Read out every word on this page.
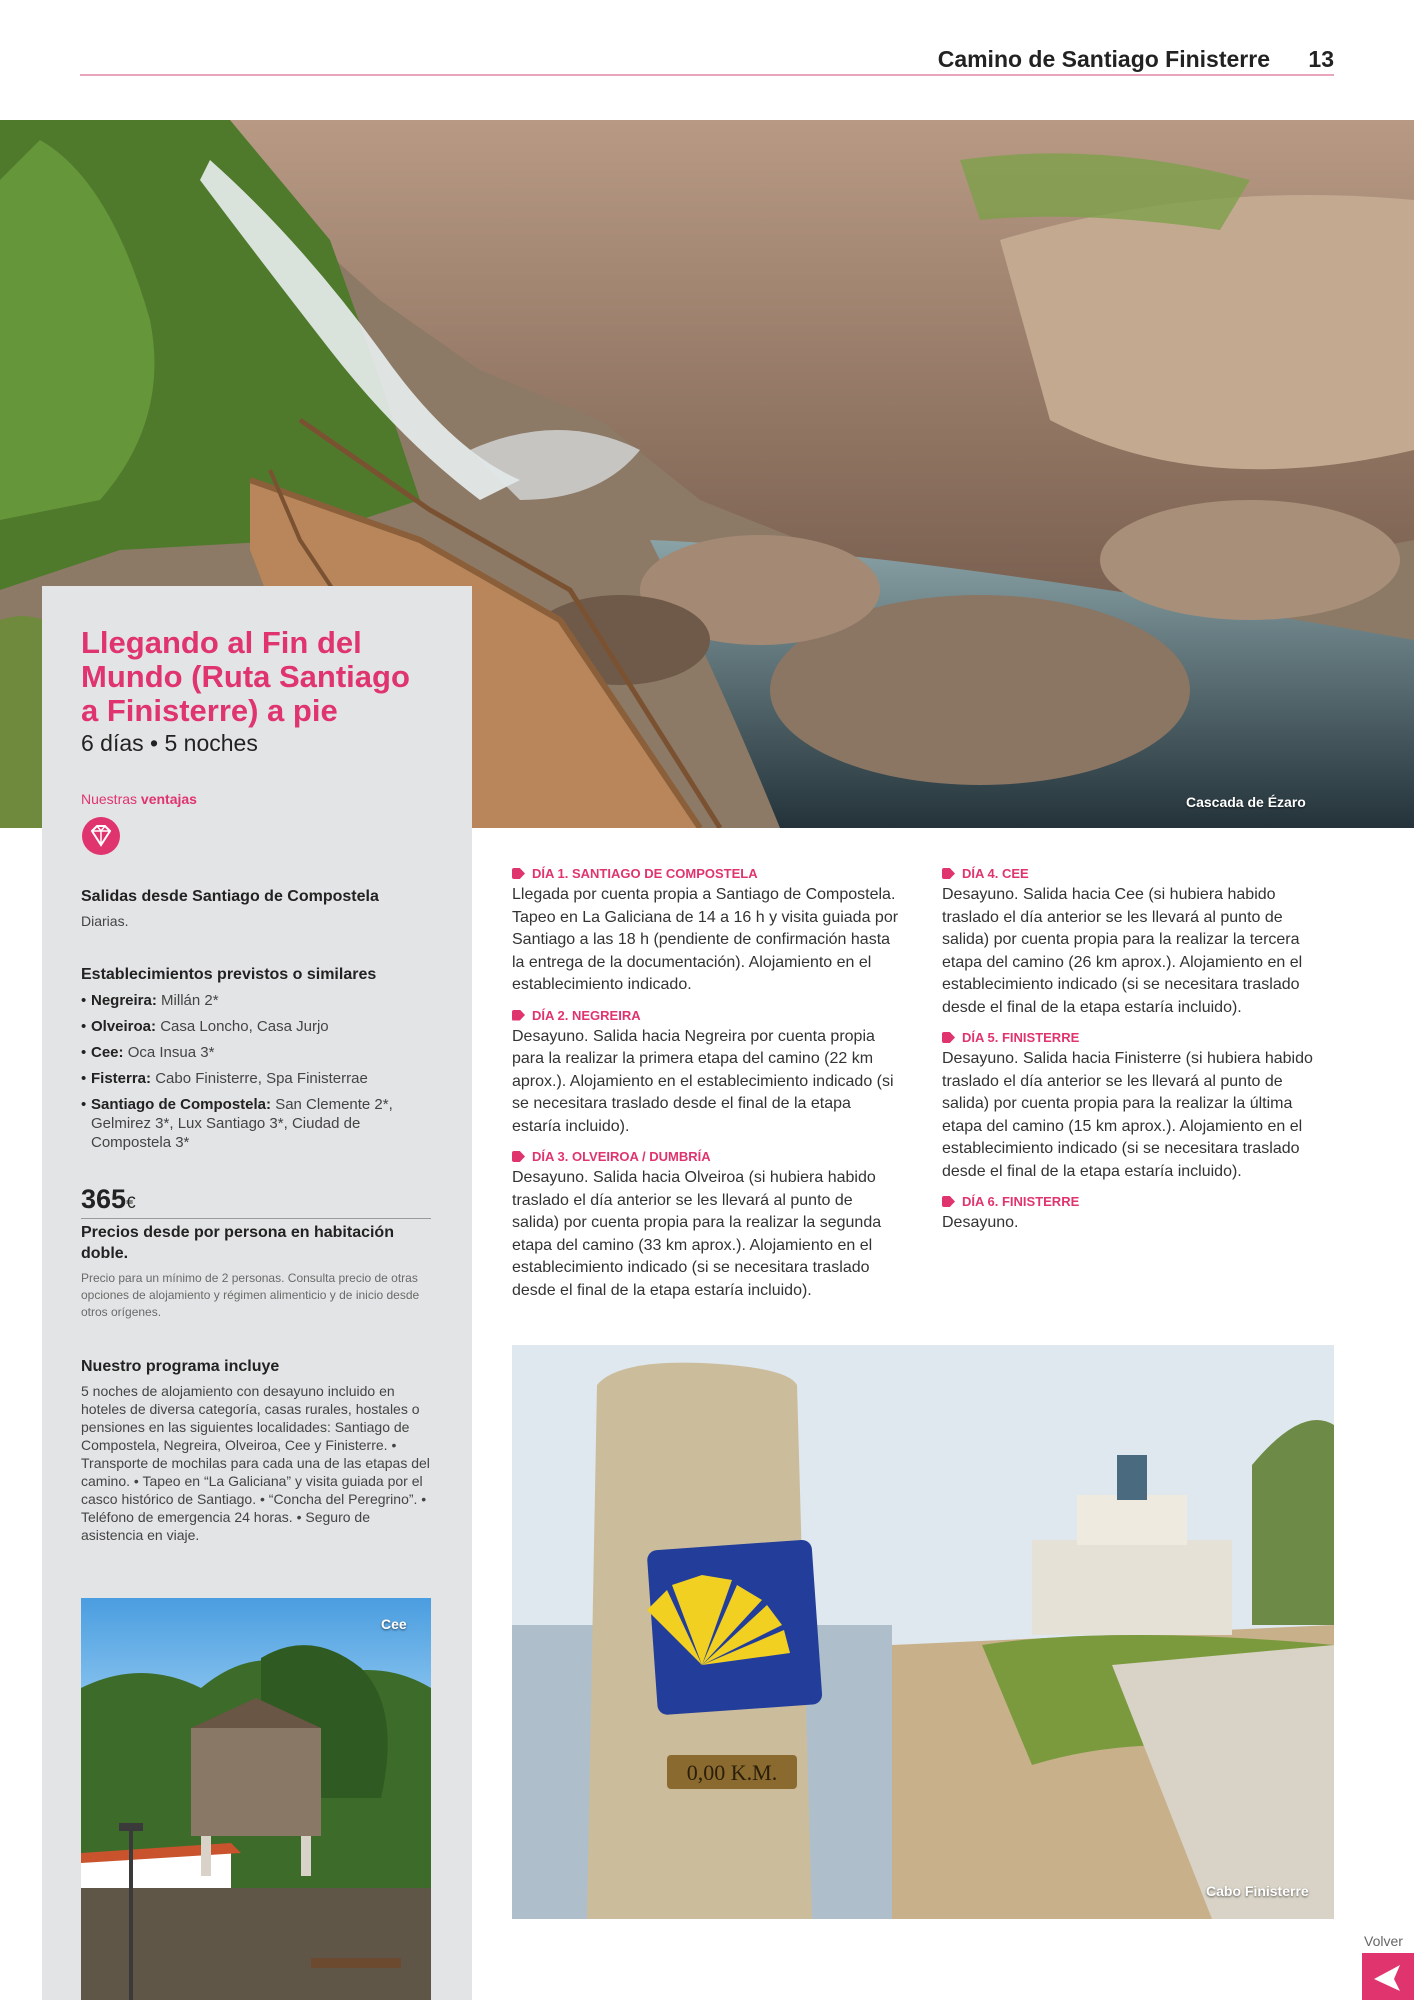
Camino de Santiago Finisterre 13
Cascada de Ézaro
Llegando al Fin del Mundo (Ruta Santiago a Finisterre) a pie
6 días • 5 noches
Nuestras ventajas
Salidas desde Santiago de Compostela
Diarias.
Establecimientos previstos o similares
• Negreira: Millán 2*
• Olveiroa: Casa Loncho, Casa Jurjo
• Cee: Oca Insua 3*
• Fisterra: Cabo Finisterre, Spa Finisterrae
• Santiago de Compostela: San Clemente 2*, Gelmirez 3*, Lux Santiago 3*, Ciudad de Compostela 3*
365€
Precios desde por persona en habitación doble.
Precio para un mínimo de 2 personas. Consulta precio de otras opciones de alojamiento y régimen alimenticio y de inicio desde otros orígenes.
Nuestro programa incluye
5 noches de alojamiento con desayuno incluido en hoteles de diversa categoría, casas rurales, hostales o pensiones en las siguientes localidades: Santiago de Compostela, Negreira, Olveiroa, Cee y Finisterre. • Transporte de mochilas para cada una de las etapas del camino. • Tapeo en “La Galiciana” y visita guiada por el casco histórico de Santiago. • “Concha del Peregrino”. • Teléfono de emergencia 24 horas. • Seguro de asistencia en viaje.
Cee
DÍA 1. SANTIAGO DE COMPOSTELA
Llegada por cuenta propia a Santiago de Compostela. Tapeo en La Galiciana de 14 a 16 h y visita guiada por Santiago a las 18 h (pendiente de confirmación hasta la entrega de la documentación). Alojamiento en el establecimiento indicado.
DÍA 2. NEGREIRA
Desayuno. Salida hacia Negreira por cuenta propia para la realizar la primera etapa del camino (22 km aprox.). Alojamiento en el establecimiento indicado (si se necesitara traslado desde el final de la etapa estaría incluido).
DÍA 3. OLVEIROA / DUMBRÍA
Desayuno. Salida hacia Olveiroa (si hubiera habido traslado el día anterior se les llevará al punto de salida) por cuenta propia para la realizar la segunda etapa del camino (33 km aprox.). Alojamiento en el establecimiento indicado (si se necesitara traslado desde el final de la etapa estaría incluido).
DÍA 4. CEE
Desayuno. Salida hacia Cee (si hubiera habido traslado el día anterior se les llevará al punto de salida) por cuenta propia para la realizar la tercera etapa del camino (26 km aprox.). Alojamiento en el establecimiento indicado (si se necesitara traslado desde el final de la etapa estaría incluido).
DÍA 5. FINISTERRE
Desayuno. Salida hacia Finisterre (si hubiera habido traslado el día anterior se les llevará al punto de salida) por cuenta propia para la realizar la última etapa del camino (15 km aprox.). Alojamiento en el establecimiento indicado (si se necesitara traslado desde el final de la etapa estaría incluido).
DÍA 6. FINISTERRE
Desayuno.
0,00 K.M.
Cabo Finisterre
Volver
